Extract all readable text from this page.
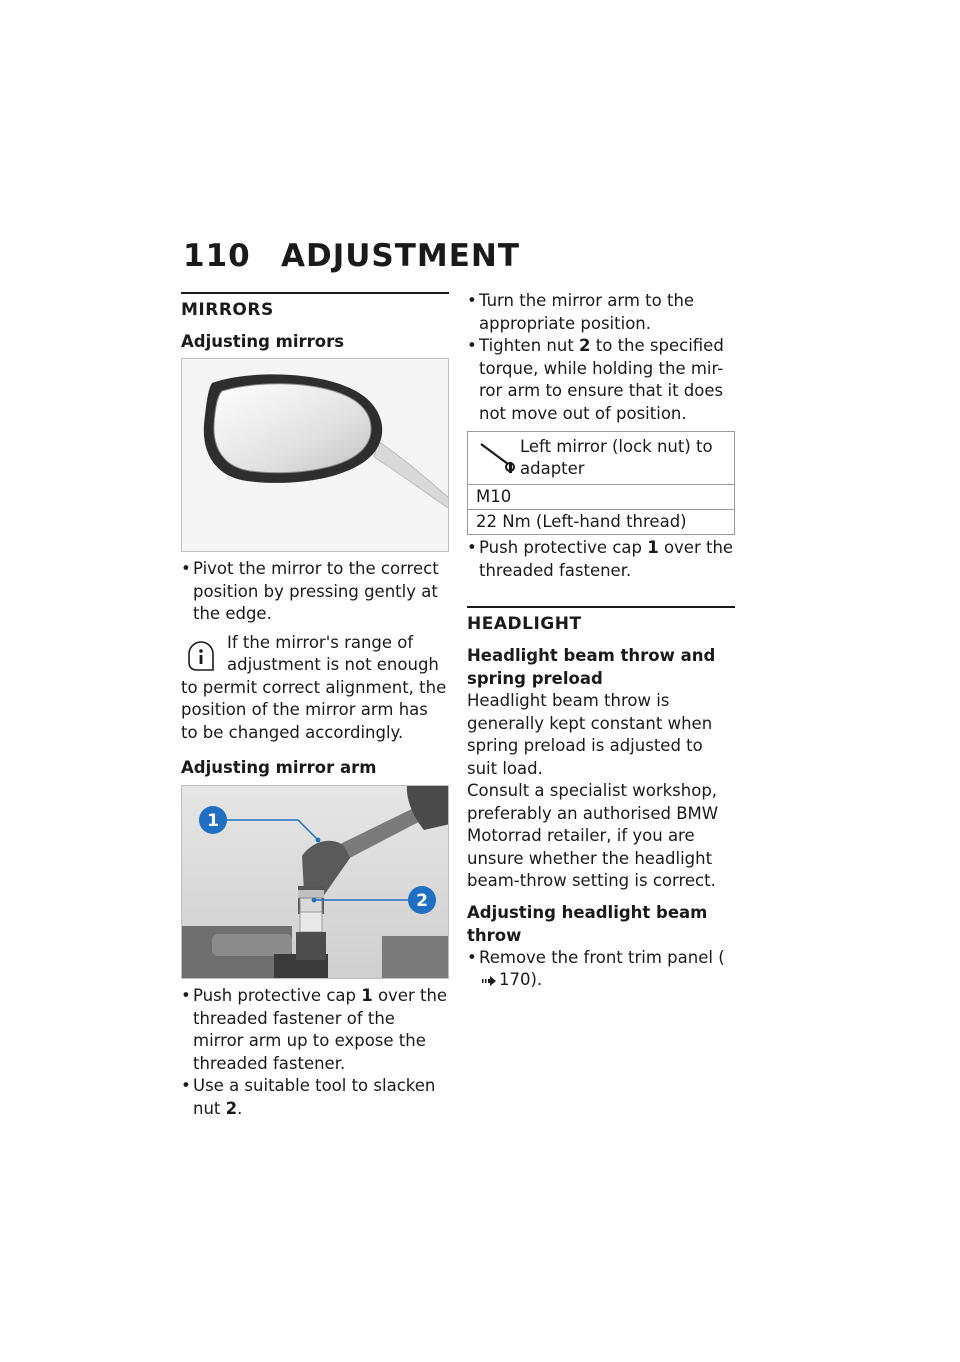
110 ADJUSTMENT
MIRRORS
Adjusting mirrors
• Pivot the mirror to the correct position by pressing gently at the edge.
If the mirror's range of adjustment is not enough
to permit correct alignment, the position of the mirror arm has to be changed accordingly.
Adjusting mirror arm
1
2
• Push protective cap 1 over the threaded fastener of the mirror arm up to expose the threaded fastener.
• Use a suitable tool to slacken nut 2.
• Turn the mirror arm to the appropriate position.
• Tighten nut 2 to the specified torque, while holding the mir-ror arm to ensure that it does not move out of position.
Left mirror (lock nut) to adapter
M10
22 Nm (Left-hand thread)
• Push protective cap 1 over the threaded fastener.
HEADLIGHT
Headlight beam throw and spring preload
Headlight beam throw is generally kept constant when spring preload is adjusted to suit load.
Consult a specialist workshop, preferably an authorised BMW Motorrad retailer, if you are unsure whether the headlight beam-throw setting is correct.
Adjusting headlight beam throw
• Remove the front trim panel (170).
